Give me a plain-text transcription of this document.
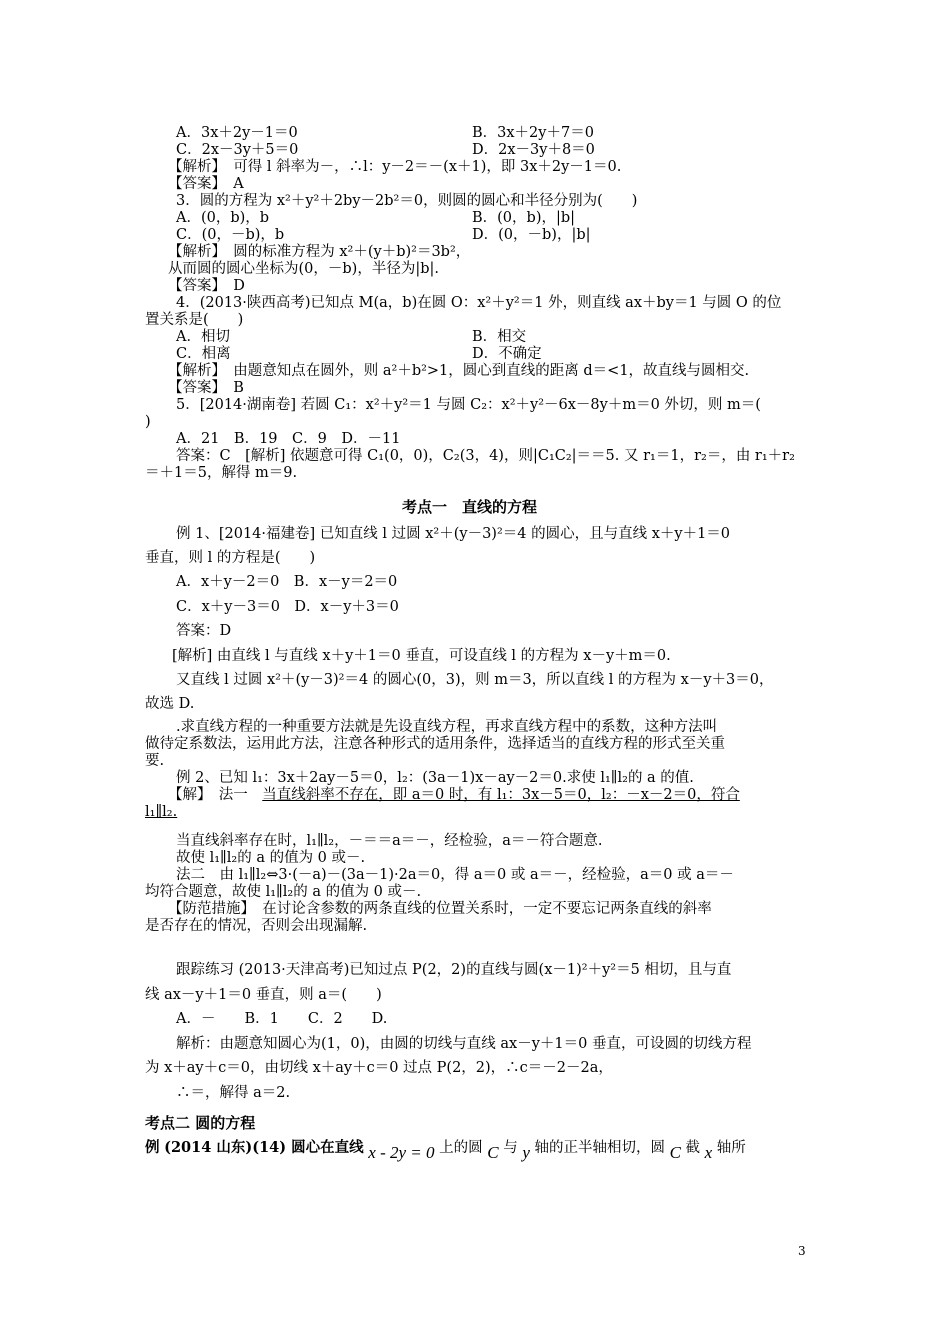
A．3x＋2y－1＝0	B．3x＋2y＋7＝0
C．2x－3y＋5＝0	D．2x－3y＋8＝0
【解析】　可得 l 斜率为－，∴l：y－2＝－(x＋1)，即 3x＋2y－1＝0.
【答案】　A
3．圆的方程为 x²＋y²＋2by－2b²＝0，则圆的圆心和半径分别为(　　)
A．(0，b)，b	B．(0，b)，|b|
C．(0，－b)，b	D．(0，－b)，|b|
【解析】　圆的标准方程为 x²＋(y＋b)²＝3b²，
从而圆的圆心坐标为(0，－b)，半径为|b|.
【答案】　D
4．(2013·陕西高考)已知点 M(a，b)在圆 O：x²＋y²＝1 外，则直线 ax＋by＝1 与圆 O 的位
置关系是(　　)
A．相切	B．相交
C．相离	D．不确定
【解析】　由题意知点在圆外，则 a²＋b²>1，圆心到直线的距离 d＝<1，故直线与圆相交.
【答案】　B
5．[2014·湖南卷] 若圆 C₁：x²＋y²＝1 与圆 C₂：x²＋y²－6x－8y＋m＝0 外切，则 m＝(
)
A．21　B．19　C．9　D．－11
答案：C　[解析] 依题意可得 C₁(0，0)，C₂(3，4)，则|C₁C₂|＝＝5. 又 r₁＝1，r₂＝，由 r₁＋r₂
＝＋1＝5，解得 m＝9.
考点一　直线的方程
例 1、[2014·福建卷] 已知直线 l 过圆 x²＋(y－3)²＝4 的圆心，且与直线 x＋y＋1＝0
垂直，则 l 的方程是(　　)
A．x＋y－2＝0　B．x－y＝2＝0
C．x＋y－3＝0　D．x－y＋3＝0
答案：D
[解析] 由直线 l 与直线 x＋y＋1＝0 垂直，可设直线 l 的方程为 x－y＋m＝0.
又直线 l 过圆 x²＋(y－3)²＝4 的圆心(0，3)，则 m＝3，所以直线 l 的方程为 x－y＋3＝0，
故选 D.
.求直线方程的一种重要方法就是先设直线方程，再求直线方程中的系数，这种方法叫
做待定系数法，运用此方法，注意各种形式的适用条件，选择适当的直线方程的形式至关重
要.
例 2、已知 l₁：3x＋2ay－5＝0，l₂：(3a－1)x－ay－2＝0.求使 l₁∥l₂的 a 的值.
【解】　法一　当直线斜率不存在，即 a＝0 时，有 l₁：3x－5＝0，l₂：－x－2＝0，符合
l₁∥l₂.
当直线斜率存在时，l₁∥l₂，－＝＝a＝－，经检验，a＝－符合题意.
故使 l₁∥l₂的 a 的值为 0 或－.
法二　由 l₁∥l₂⇔3·(－a)－(3a－1)·2a＝0，得 a＝0 或 a＝－，经检验，a＝0 或 a＝－
均符合题意，故使 l₁∥l₂的 a 的值为 0 或－.
【防范措施】　在讨论含参数的两条直线的位置关系时，一定不要忘记两条直线的斜率
是否存在的情况，否则会出现漏解.
跟踪练习 (2013·天津高考)已知过点 P(2，2)的直线与圆(x－1)²＋y²＝5 相切，且与直
线 ax－y＋1＝0 垂直，则 a＝(　　)
A．－　　B．1　　C．2　　D.
解析：由题意知圆心为(1，0)，由圆的切线与直线 ax－y＋1＝0 垂直，可设圆的切线方程
为 x＋ay＋c＝0，由切线 x＋ay＋c＝0 过点 P(2，2)，∴c＝－2－2a，
∴＝，解得 a＝2.
考点二 圆的方程
例 (2014 山东)(14) 圆心在直线 x - 2y = 0 上的圆 C 与 y 轴的正半轴相切，圆 C 截 x 轴所
3
